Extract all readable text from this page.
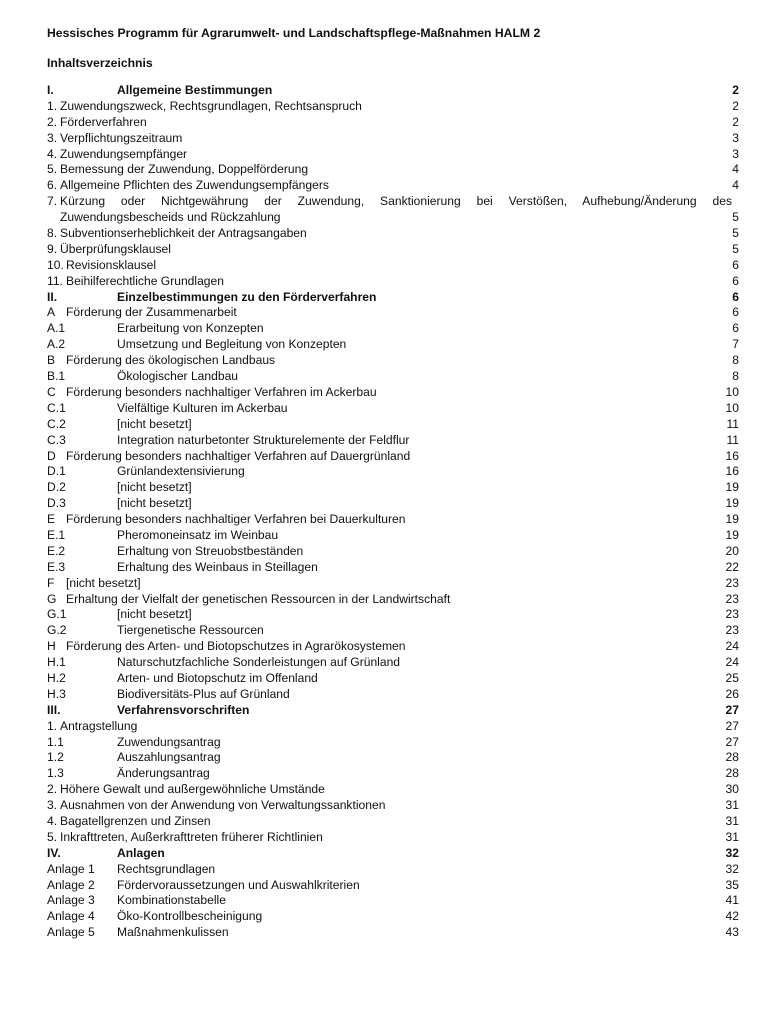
Hessisches Programm für Agrarumwelt- und Landschaftspflege-Maßnahmen HALM 2
Inhaltsverzeichnis
I.	Allgemeine Bestimmungen	2
1. Zuwendungszweck, Rechtsgrundlagen, Rechtsanspruch	2
2. Förderverfahren	2
3. Verpflichtungszeitraum	3
4. Zuwendungsempfänger	3
5. Bemessung der Zuwendung, Doppelförderung	4
6. Allgemeine Pflichten des Zuwendungsempfängers	4
7. Kürzung oder Nichtgewährung der Zuwendung, Sanktionierung bei Verstößen, Aufhebung/Änderung des
Zuwendungsbescheids und Rückzahlung	5
8. Subventionserheblichkeit der Antragsangaben	5
9. Überprüfungsklausel	5
10. Revisionsklausel	6
11. Beihilferechtliche Grundlagen	6
II.	Einzelbestimmungen zu den Förderverfahren	6
A Förderung der Zusammenarbeit	6
A.1	Erarbeitung von Konzepten	6
A.2	Umsetzung und Begleitung von Konzepten	7
B Förderung des ökologischen Landbaus	8
B.1	Ökologischer Landbau	8
C Förderung besonders nachhaltiger Verfahren im Ackerbau	10
C.1	Vielfältige Kulturen im Ackerbau	10
C.2	[nicht besetzt]	11
C.3	Integration naturbetonter Strukturelemente der Feldflur	11
D Förderung besonders nachhaltiger Verfahren auf Dauergrünland	16
D.1	Grünlandextensivierung	16
D.2	[nicht besetzt]	19
D.3	[nicht besetzt]	19
E Förderung besonders nachhaltiger Verfahren bei Dauerkulturen	19
E.1	Pheromoneinsatz im Weinbau	19
E.2	Erhaltung von Streuobstbeständen	20
E.3	Erhaltung des Weinbaus in Steillagen	22
F [nicht besetzt]	23
G Erhaltung der Vielfalt der genetischen Ressourcen in der Landwirtschaft	23
G.1	[nicht besetzt]	23
G.2	Tiergenetische Ressourcen	23
H Förderung des Arten- und Biotopschutzes in Agrarökosystemen	24
H.1	Naturschutzfachliche Sonderleistungen auf Grünland	24
H.2	Arten- und Biotopschutz im Offenland	25
H.3	Biodiversitäts-Plus auf Grünland	26
III.	Verfahrensvorschriften	27
1. Antragstellung	27
1.1	Zuwendungsantrag	27
1.2	Auszahlungsantrag	28
1.3	Änderungsantrag	28
2. Höhere Gewalt und außergewöhnliche Umstände	30
3. Ausnahmen von der Anwendung von Verwaltungssanktionen	31
4. Bagatellgrenzen und Zinsen	31
5. Inkrafttreten, Außerkrafttreten früherer Richtlinien	31
IV.	Anlagen	32
Anlage 1 Rechtsgrundlagen	32
Anlage 2 Fördervoraussetzungen und Auswahlkriterien	35
Anlage 3 Kombinationstabelle	41
Anlage 4 Öko-Kontrollbescheinigung	42
Anlage 5 Maßnahmenkulissen	43
